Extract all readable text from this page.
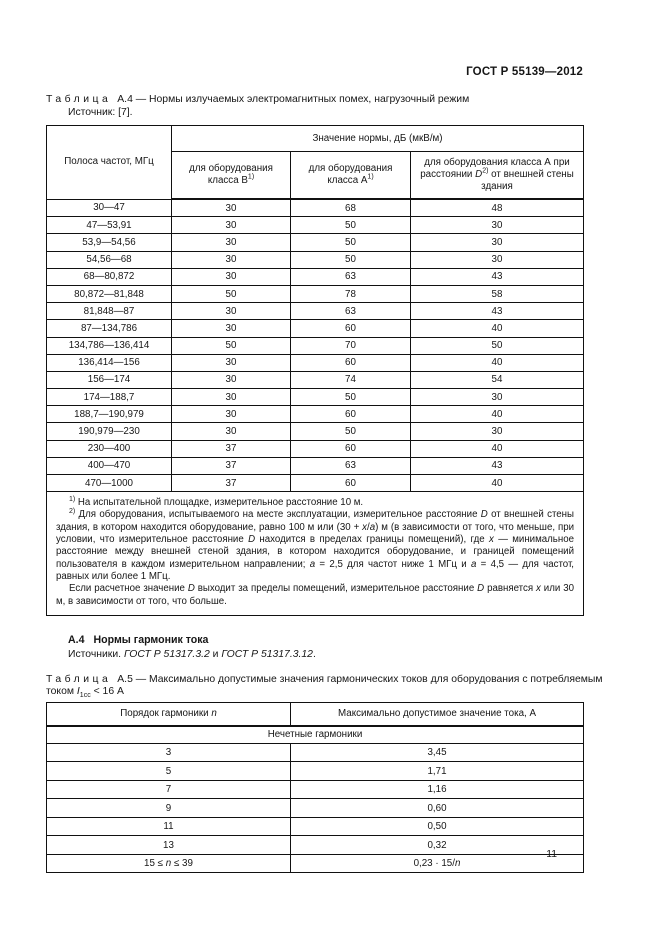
ГОСТ Р 55139—2012
Таблица А.4 — Нормы излучаемых электромагнитных помех, нагрузочный режим
Источник: [7].
Полоса частот, МГц	Значение нормы, дБ (мкВ/м)		
	для оборудования класса $В^{1)}$	для оборудования класса $А^{1)}$	для оборудования класса А при расстоянии $D^{2)}$ от внешней стены здания
30—47	30	68	48
47—53,91	30	50	30
53,9—54,56	30	50	30
54,56—68	30	50	30
68—80,872	30	63	43
80,872—81,848	50	78	58
81,848—87	30	63	43
87—134,786	30	60	40
134,786—136,414	50	70	50
136,414—156	30	60	40
156—174	30	74	54
174—188,7	30	50	30
188,7—190,979	30	60	40
190,979—230	30	50	30
230—400	37	60	40
400—470	37	63	43
470—1000	37	60	40

$^{1)}$ На испытательной площадке, измерительное расстояние 10 м.
$^{2)}$ Для оборудования, испытываемого на месте эксплуатации, измерительное расстояние D от внешней стены здания, в котором находится оборудование, равно 100 м или (30 + x/a) м (в зависимости от того, что меньше, при условии, что измерительное расстояние D находится в пределах границы помещений), где x — минимальное расстояние между внешней стеной здания, в котором находится оборудование, и границей помещений пользователя в каждом измерительном направлении; a = 2,5 для частот ниже 1 МГц и a = 4,5 — для частот, равных или более 1 МГц.
Если расчетное значение D выходит за пределы помещений, измерительное расстояние D равняется x или 30 м, в зависимости от того, что больше.			
А.4 Нормы гармоник тока
Источники. ГОСТ Р 51317.3.2 и ГОСТ Р 51317.3.12.
Таблица А.5 — Максимально допустимые значения гармонических токов для оборудования с потребляемым
током $I_{1cc} < 16$ А
Порядок гармоники n	Максимально допустимое значение тока, А
Нечетные гармоники	
3	3,45
5	1,71
7	1,16
9	0,60
11	0,50
13	0,32
15 ≤ n ≤ 39	0,23 · 15/n
11
